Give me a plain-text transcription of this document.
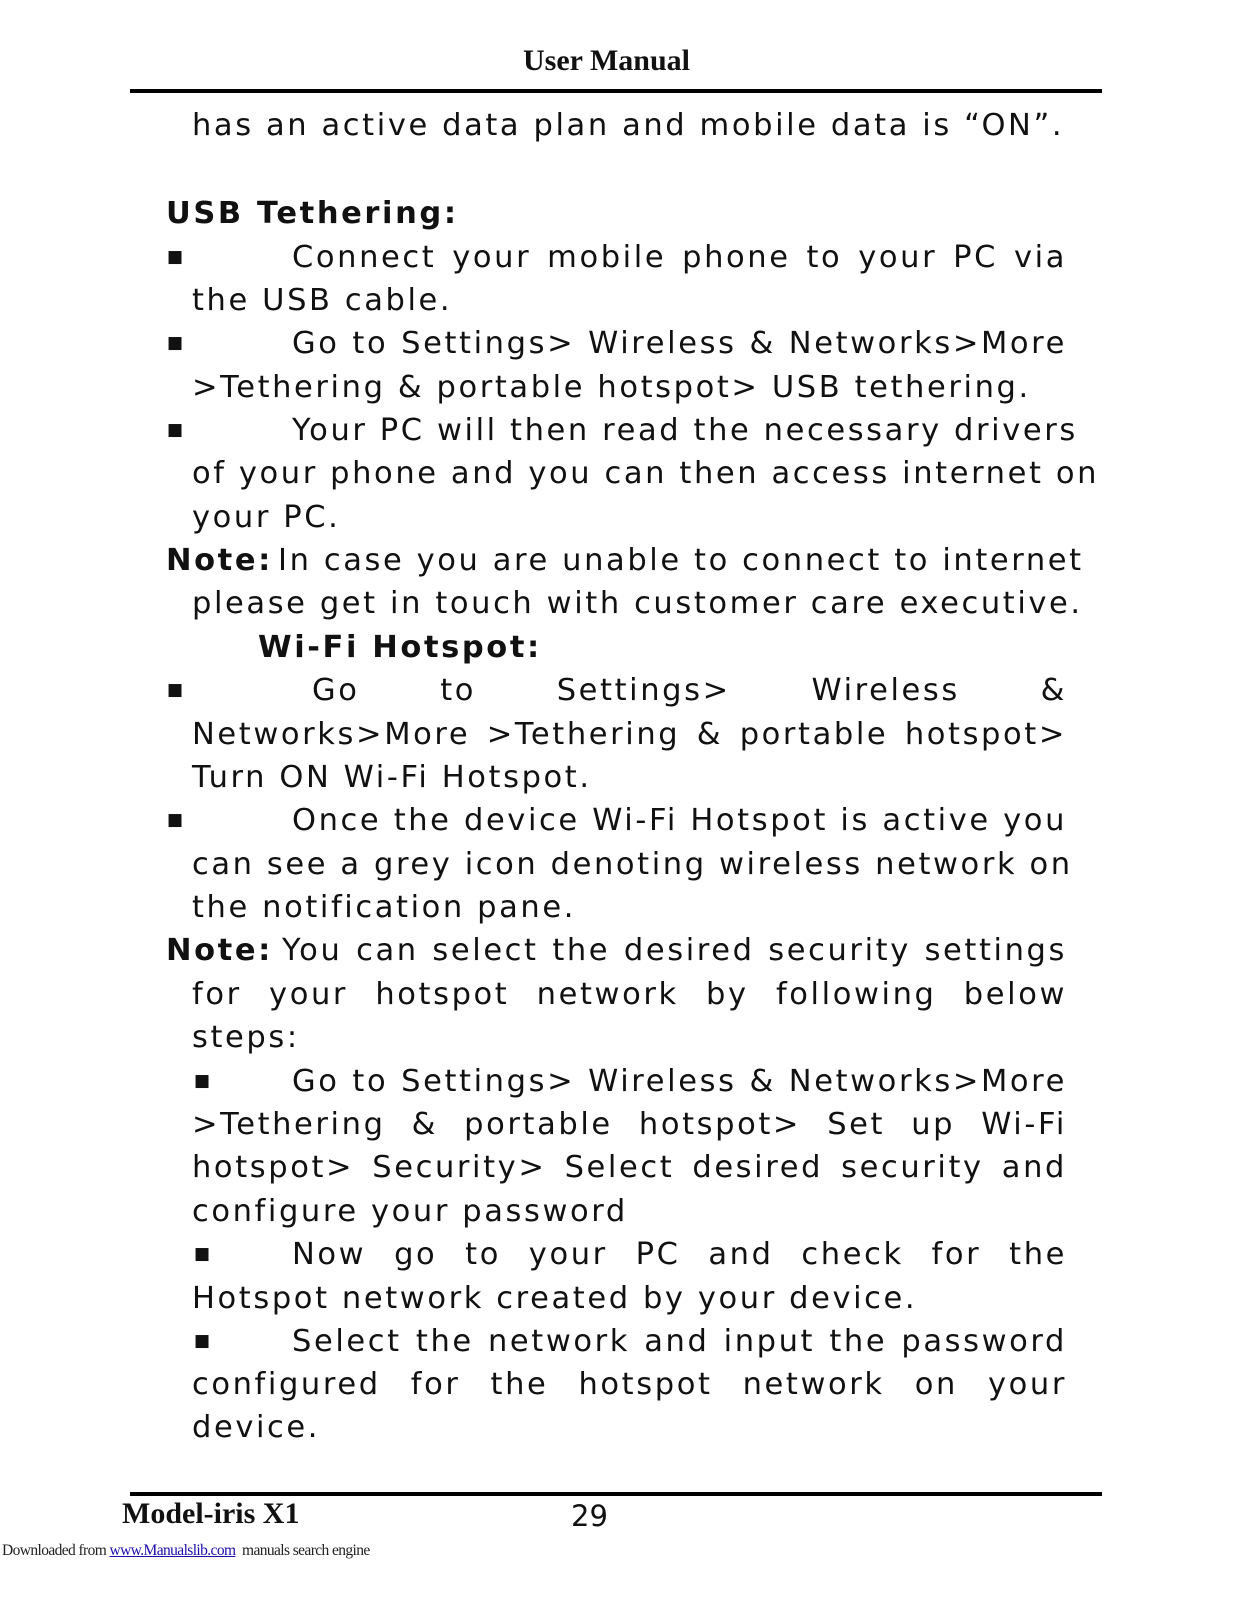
User Manual
has an active data plan and mobile data is “ON”.
USB Tethering:
■	Connect your mobile phone to your PC via
the USB cable.
■	Go to Settings> Wireless & Networks>More
>Tethering & portable hotspot> USB tethering.
■	Your PC will then read the necessary drivers
of your phone and you can then access internet on
your PC.
Note: In case you are unable to connect to internet
please get in touch with customer care executive.
Wi-Fi Hotspot:
■	Go to Settings> Wireless &
Networks>More >Tethering & portable hotspot>
Turn ON Wi-Fi Hotspot.
■	Once the device Wi-Fi Hotspot is active you
can see a grey icon denoting wireless network on
the notification pane.
Note: You can select the desired security settings
for your hotspot network by following below
steps:
■	Go to Settings> Wireless & Networks>More
>Tethering & portable hotspot> Set up Wi-Fi
hotspot> Security> Select desired security and
configure your password
■	Now go to your PC and check for the
Hotspot network created by your device.
■	Select the network and input the password
configured for the hotspot network on your
device.
Model-iris X1	29
Downloaded from www.Manualslib.com  manuals search engine
